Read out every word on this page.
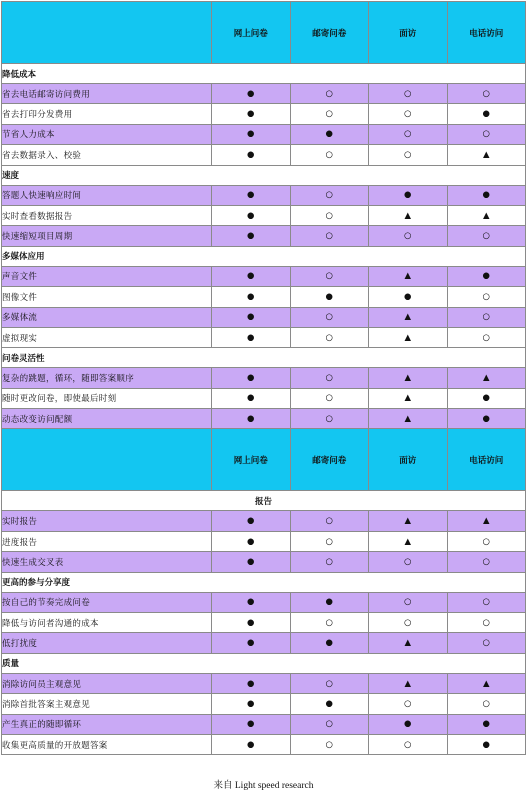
	网上问卷	邮寄问卷	面访	电话访问
降低成本				
省去电话邮寄访问费用	●	○	○	○
省去打印分发费用	●	○	○	●
节省人力成本	●	●	○	○
省去数据录入、校验	●	○	○	▲
速度				
答题人快速响应时间	●	○	●	●
实时查看数据报告	●	○	▲	▲
快速缩短项目周期	●	○	○	○
多媒体应用				
声音文件	●	○	▲	●
图像文件	●	●	●	○
多媒体流	●	○	▲	○
虚拟现实	●	○	▲	○
问卷灵活性				
复杂的跳题，循环，随即答案顺序	●	○	▲	▲
随时更改问卷，即使最后时刻	●	○	▲	●
动态改变访问配额	●	○	▲	●
	网上问卷	邮寄问卷	面访	电话访问
报告				
实时报告	●	○	▲	▲
进度报告	●	○	▲	○
快速生成交叉表	●	○	○	○
更高的参与分享度				
按自己的节奏完成问卷	●	●	○	○
降低与访问者沟通的成本	●	○	○	○
低打扰度	●	●	▲	○
质量				
消除访问员主观意见	●	○	▲	▲
消除首批答案主观意见	●	●	○	○
产生真正的随即循环	●	○	●	●
收集更高质量的开放题答案	●	○	○	●
来自 Light speed research
